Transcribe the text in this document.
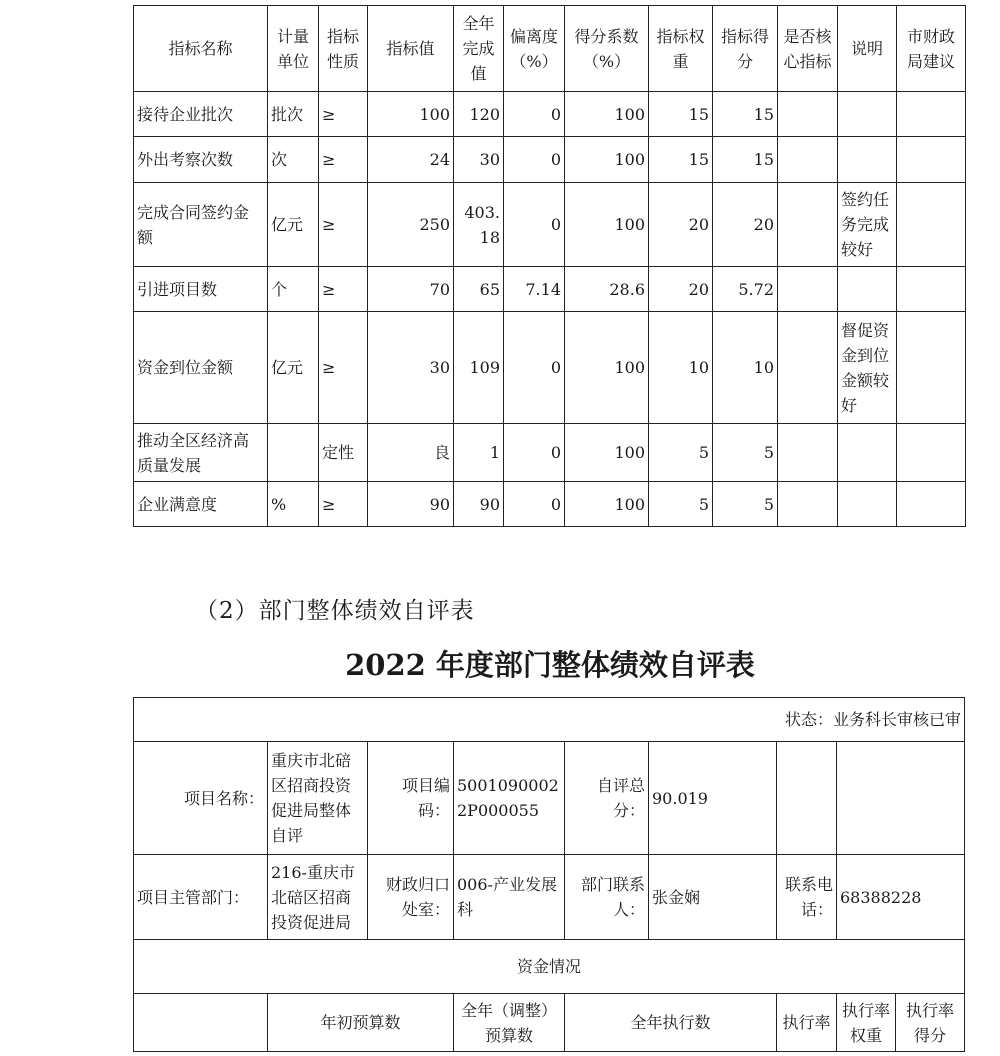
指标名称	计量单位	指标性质	指标值	全年完成值	偏离度（%）	得分系数（%）	指标权重	指标得分	是否核心指标	说明	市财政局建议
接待企业批次	批次	≥	100	120	0	100	15	15			
外出考察次数	次	≥	24	30	0	100	15	15			
完成合同签约金额	亿元	≥	250	403.18	0	100	20	20		签约任务完成较好	
引进项目数	个	≥	70	65	7.14	28.6	20	5.72			
资金到位金额	亿元	≥	30	109	0	100	10	10		督促资金到位金额较好	
推动全区经济高质量发展		定性	良	1	0	100	5	5			
企业满意度	%	≥	90	90	0	100	5	5			
（2）部门整体绩效自评表
2022 年度部门整体绩效自评表
状态：业务科长审核已审								
项目名称：	重庆市北碚区招商投资促进局整体自评	项目编码：	50010900022P000055	自评总分：	90.019			
项目主管部门：	216-重庆市北碚区招商投资促进局	财政归口处室：	006-产业发展科	部门联系人：	张金娴	联系电话：	68388228	
资金情况								
	年初预算数		全年（调整）预算数	全年执行数		执行率	执行率权重	执行率得分
